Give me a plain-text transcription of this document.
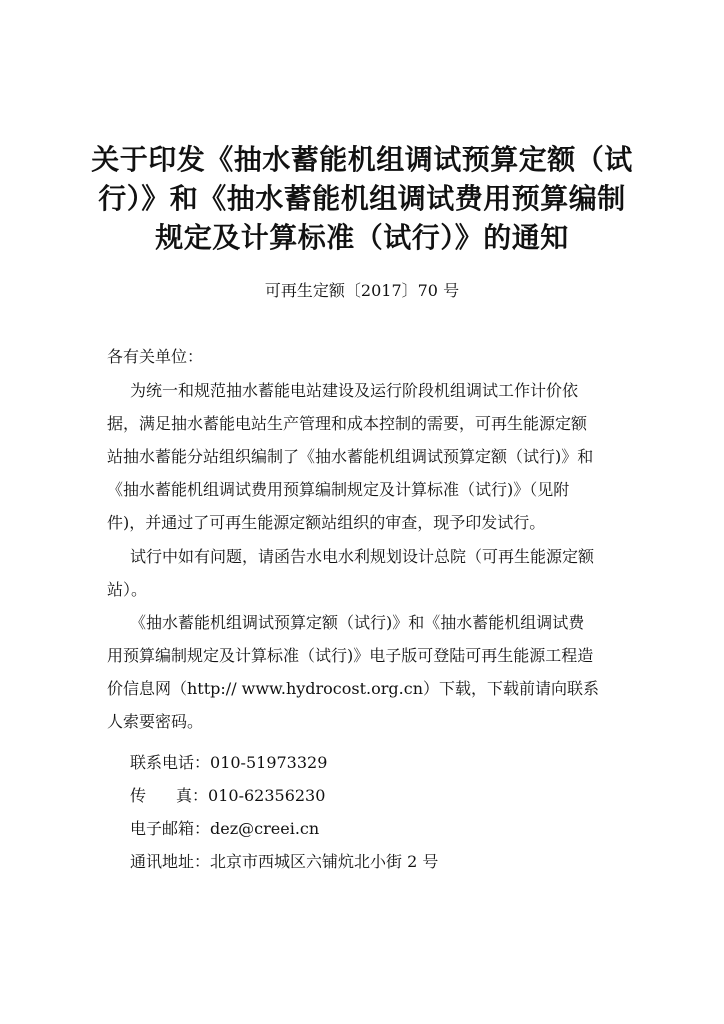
关于印发《抽水蓄能机组调试预算定额（试
行）》和《抽水蓄能机组调试费用预算编制
规定及计算标准（试行）》的通知
可再生定额〔2017〕70 号
各有关单位：

为统一和规范抽水蓄能电站建设及运行阶段机组调试工作计价依
据，满足抽水蓄能电站生产管理和成本控制的需要，可再生能源定额
站抽水蓄能分站组织编制了《抽水蓄能机组调试预算定额（试行)》和
《抽水蓄能机组调试费用预算编制规定及计算标准（试行)》（见附
件)，并通过了可再生能源定额站组织的审查，现予印发试行。

试行中如有问题，请函告水电水利规划设计总院（可再生能源定额
站）。

《抽水蓄能机组调试预算定额（试行)》和《抽水蓄能机组调试费
用预算编制规定及计算标准（试行)》电子版可登陆可再生能源工程造
价信息网（http:// www.hydrocost.org.cn）下载，下载前请向联系
人索要密码。

联系电话：010-51973329
传真：010-62356230
电子邮箱：dez@creei.cn
通讯地址：北京市西城区六铺炕北小街 2 号
